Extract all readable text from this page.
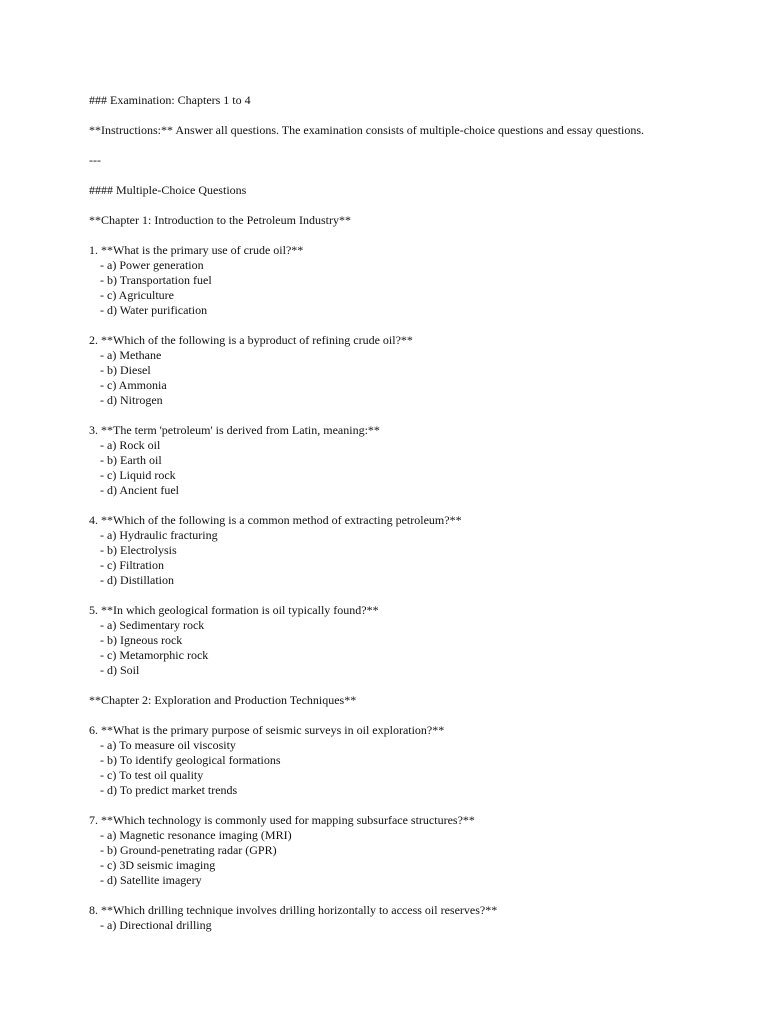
### Examination: Chapters 1 to 4
**Instructions:** Answer all questions. The examination consists of multiple-choice questions and essay questions.
---
#### Multiple-Choice Questions
**Chapter 1: Introduction to the Petroleum Industry**
1. **What is the primary use of crude oil?**
- a) Power generation
- b) Transportation fuel
- c) Agriculture
- d) Water purification
2. **Which of the following is a byproduct of refining crude oil?**
- a) Methane
- b) Diesel
- c) Ammonia
- d) Nitrogen
3. **The term 'petroleum' is derived from Latin, meaning:**
- a) Rock oil
- b) Earth oil
- c) Liquid rock
- d) Ancient fuel
4. **Which of the following is a common method of extracting petroleum?**
- a) Hydraulic fracturing
- b) Electrolysis
- c) Filtration
- d) Distillation
5. **In which geological formation is oil typically found?**
- a) Sedimentary rock
- b) Igneous rock
- c) Metamorphic rock
- d) Soil
**Chapter 2: Exploration and Production Techniques**
6. **What is the primary purpose of seismic surveys in oil exploration?**
- a) To measure oil viscosity
- b) To identify geological formations
- c) To test oil quality
- d) To predict market trends
7. **Which technology is commonly used for mapping subsurface structures?**
- a) Magnetic resonance imaging (MRI)
- b) Ground-penetrating radar (GPR)
- c) 3D seismic imaging
- d) Satellite imagery
8. **Which drilling technique involves drilling horizontally to access oil reserves?**
- a) Directional drilling
